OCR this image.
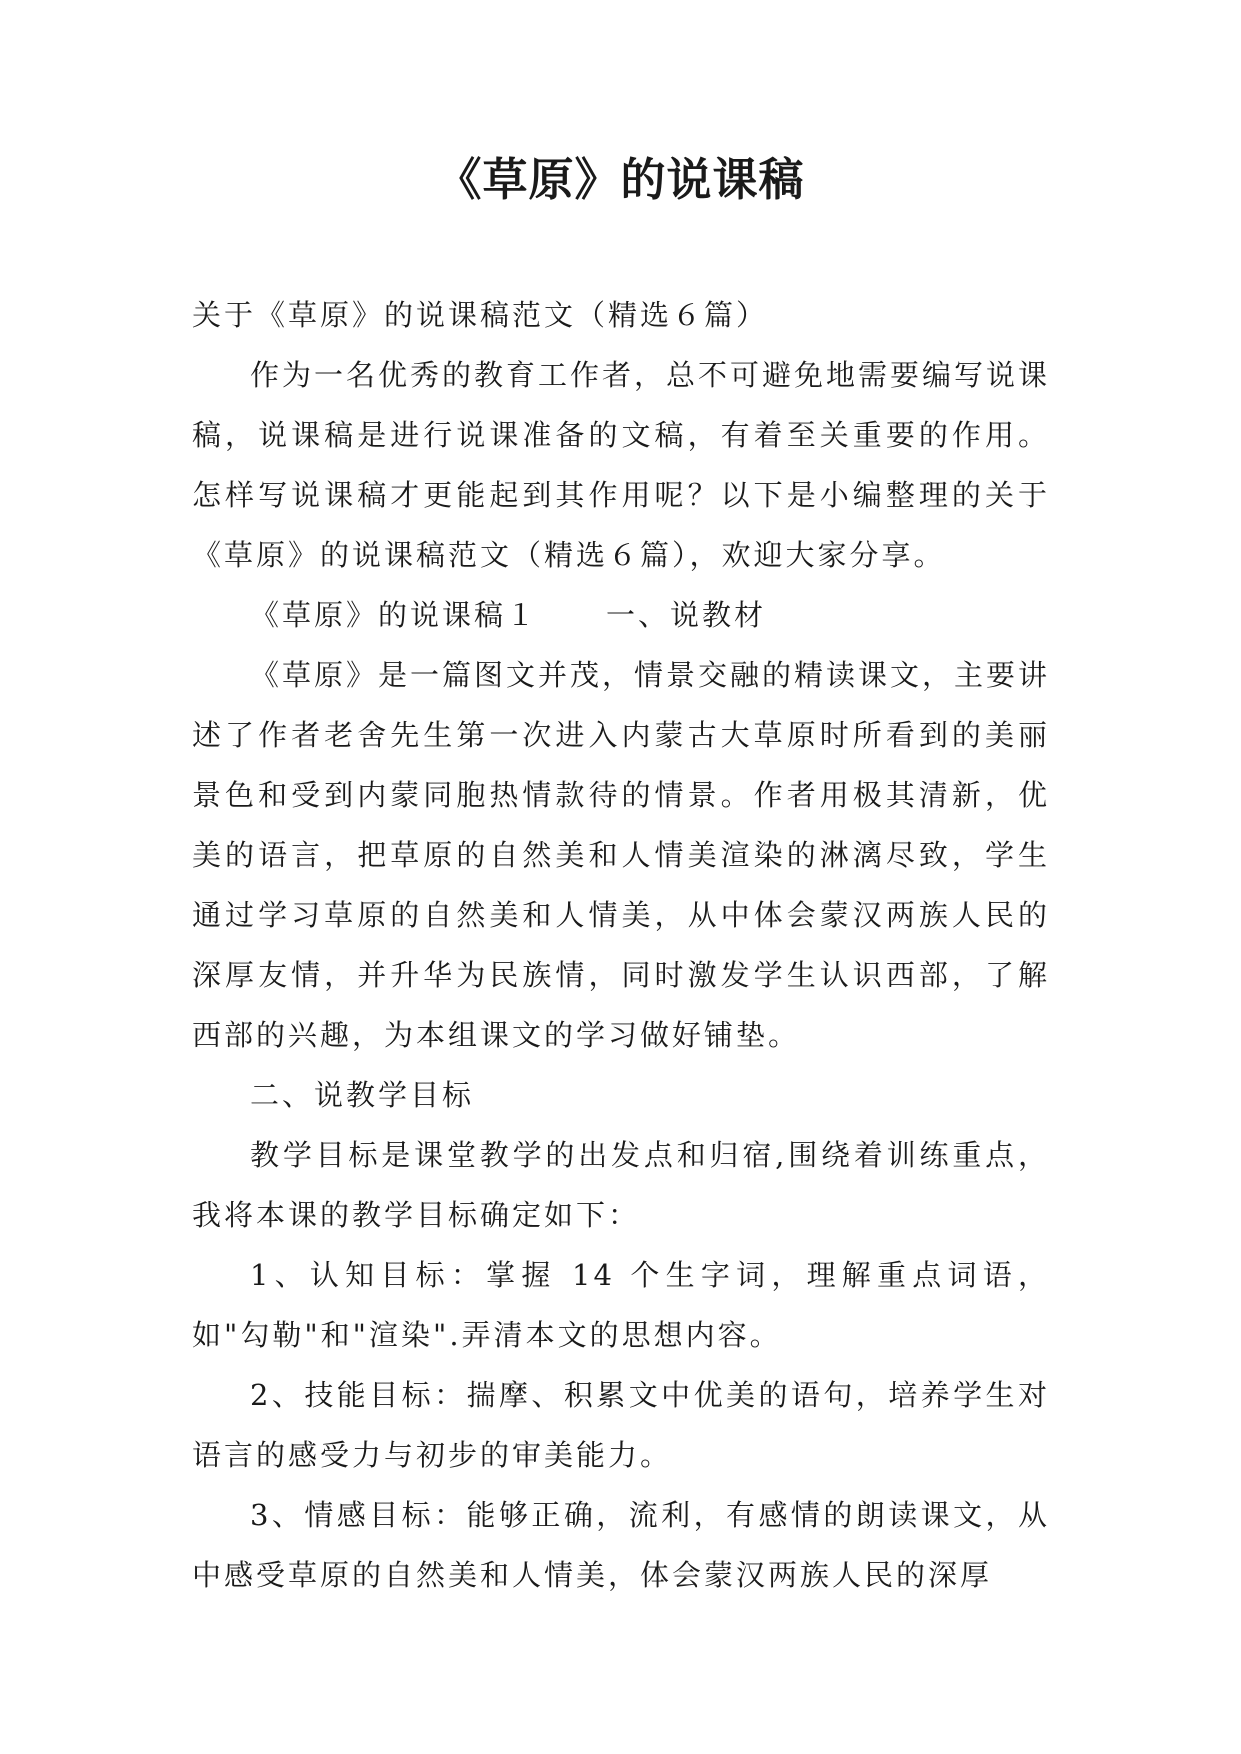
《草原》的说课稿

关于《草原》的说课稿范文（精选６篇）

作为一名优秀的教育工作者，总不可避免地需要编写说课稿，说课稿是进行说课准备的文稿，有着至关重要的作用。怎样写说课稿才更能起到其作用呢？以下是小编整理的关于《草原》的说课稿范文（精选６篇），欢迎大家分享。

《草原》的说课稿１ 一、说教材

《草原》是一篇图文并茂，情景交融的精读课文，主要讲述了作者老舍先生第一次进入内蒙古大草原时所看到的美丽景色和受到内蒙同胞热情款待的情景。作者用极其清新，优美的语言，把草原的自然美和人情美渲染的淋漓尽致，学生通过学习草原的自然美和人情美，从中体会蒙汉两族人民的深厚友情，并升华为民族情，同时激发学生认识西部，了解西部的兴趣，为本组课文的学习做好铺垫。

二、说教学目标

教学目标是课堂教学的出发点和归宿,围绕着训练重点，我将本课的教学目标确定如下：

1、认知目标：掌握 14 个生字词，理解重点词语，如"勾勒"和"渲染".弄清本文的思想内容。

2、技能目标：揣摩、积累文中优美的语句，培养学生对语言的感受力与初步的审美能力。

3、情感目标：能够正确，流利，有感情的朗读课文，从中感受草原的自然美和人情美，体会蒙汉两族人民的深厚
